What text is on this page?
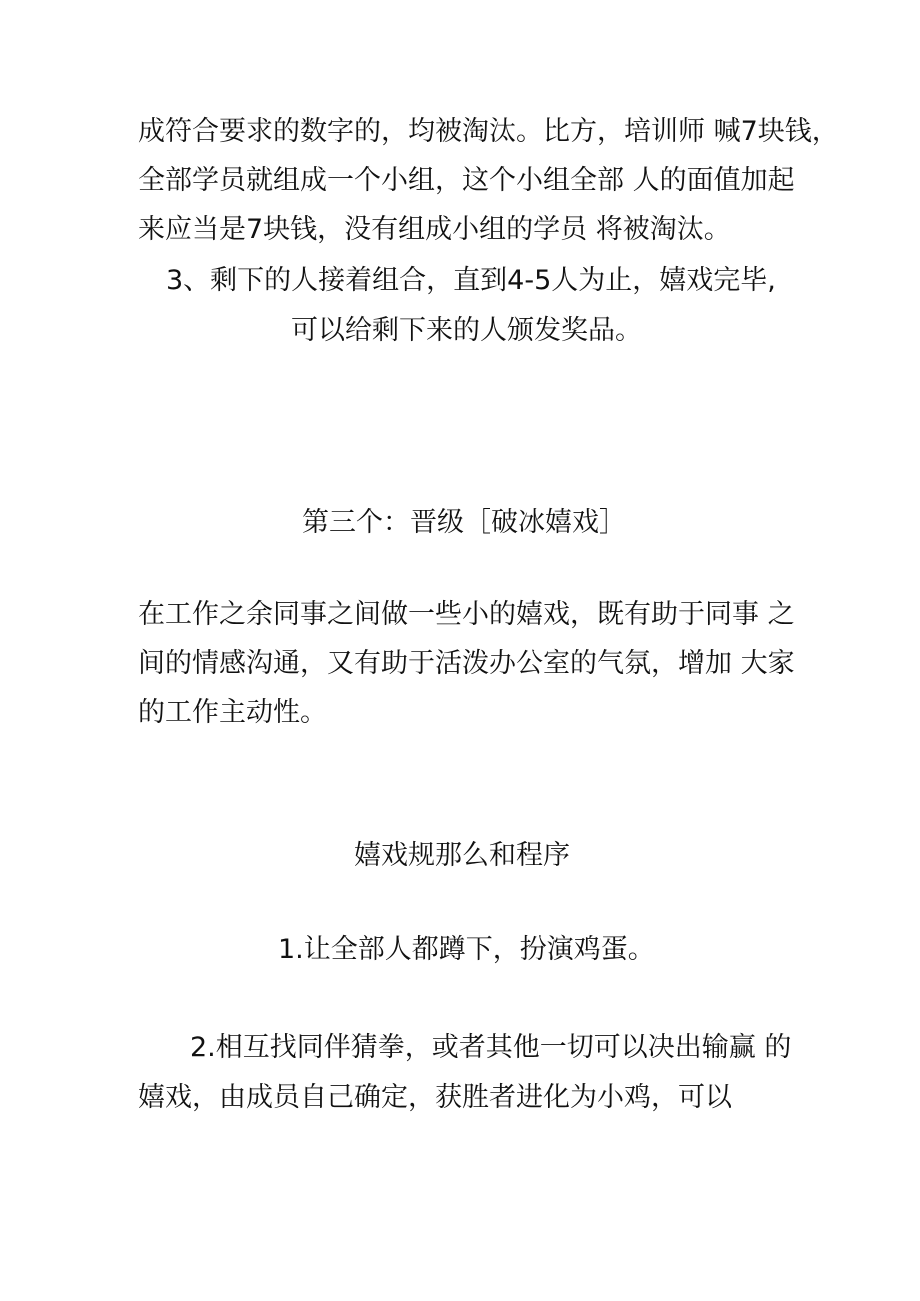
成符合要求的数字的，均被淘汰。比方，培训师 喊7块钱，
全部学员就组成一个小组，这个小组全部 人的面值加起
来应当是7块钱，没有组成小组的学员 将被淘汰。
3、剩下的人接着组合，直到4-5人为止，嬉戏完毕,
可以给剩下来的人颁发奖品。
第三个：晋级［破冰嬉戏］
在工作之余同事之间做一些小的嬉戏，既有助于同事 之
间的情感沟通，又有助于活泼办公室的气氛，增加 大家
的工作主动性。
嬉戏规那么和程序
1.让全部人都蹲下，扮演鸡蛋。
2.相互找同伴猜拳，或者其他一切可以决出输赢 的
嬉戏，由成员自己确定，获胜者进化为小鸡，可以
